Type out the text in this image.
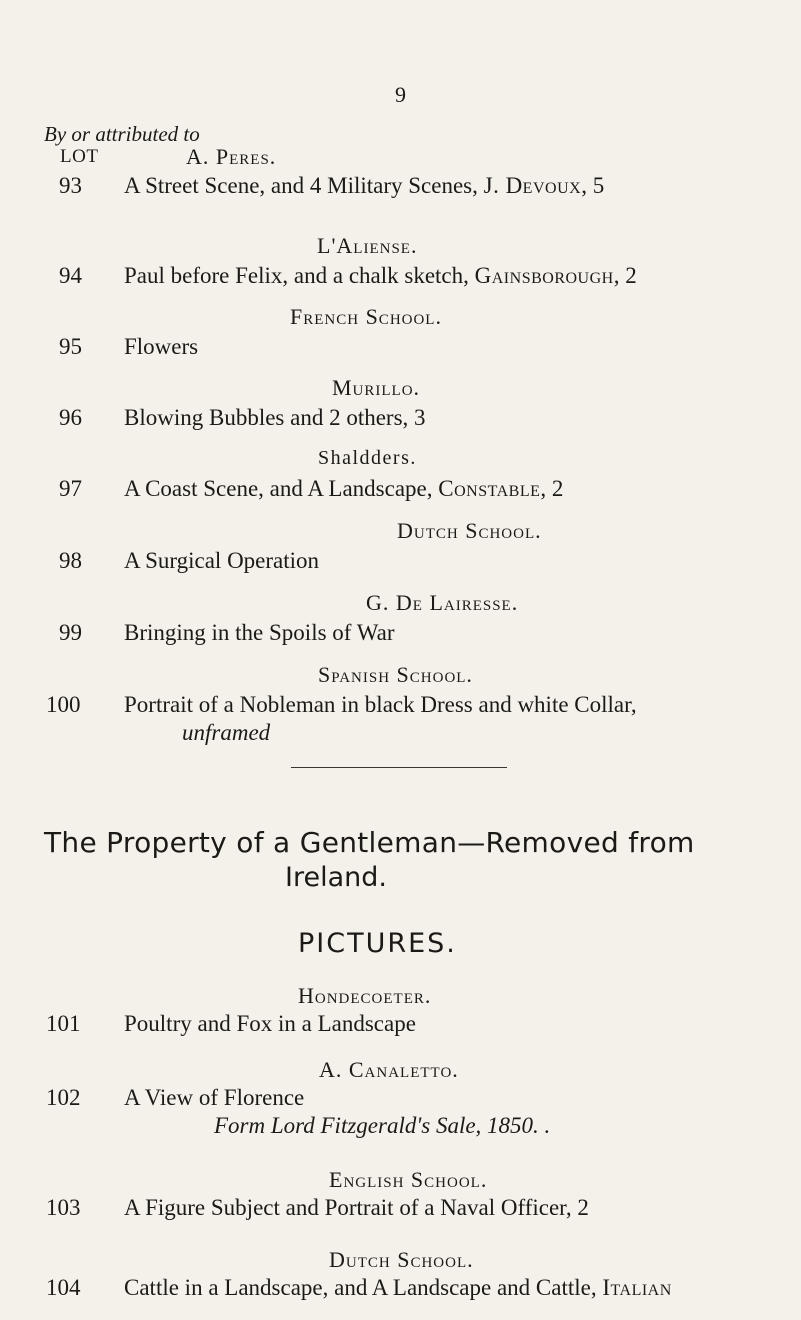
9
By or attributed to
LOT	A. Peres.
93 A Street Scene, and 4 Military Scenes, J. Devoux, 5
L'Aliense.
94 Paul before Felix, and a chalk sketch, Gainsborough, 2
French School.
95 Flowers
Murillo.
96 Blowing Bubbles and 2 others, 3
Shaldders.
97 A Coast Scene, and A Landscape, Constable, 2
Dutch School.
98 A Surgical Operation
G. De Lairesse.
99 Bringing in the Spoils of War
Spanish School.
100 Portrait of a Nobleman in black Dress and white Collar,
unframed
The Property of a Gentleman—Removed from
Ireland.
PICTURES.
Hondecoeter.
101 Poultry and Fox in a Landscape
A. Canaletto.
102 A View of Florence
Form Lord Fitzgerald's Sale, 1850. .
English School.
103 A Figure Subject and Portrait of a Naval Officer, 2
Dutch School.
104 Cattle in a Landscape, and A Landscape and Cattle, Italian
